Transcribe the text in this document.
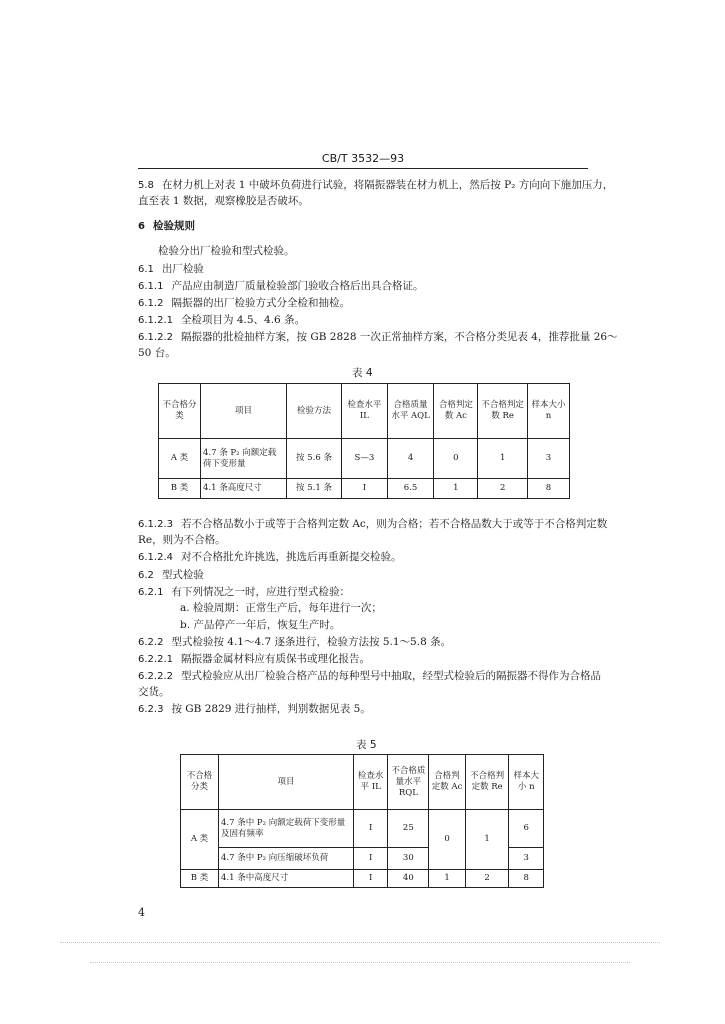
CB/T 3532—93
5.8 在材力机上对表 1 中破坏负荷进行试验，将隔振器装在材力机上，然后按 P₂ 方向向下施加压力，
直至表 1 数据，观察橡胶是否破坏。
6 检验规则
检验分出厂检验和型式检验。
6.1 出厂检验
6.1.1 产品应由制造厂质量检验部门验收合格后出具合格证。
6.1.2 隔振器的出厂检验方式分全检和抽检。
6.1.2.1 全检项目为 4.5、4.6 条。
6.1.2.2 隔振器的批检抽样方案，按 GB 2828 一次正常抽样方案，不合格分类见表 4，推荐批量 26～
50 台。
表 4
不合格分类	项目	检验方法	检查水平 IL	合格质量水平 AQL	合格判定数 Ac	不合格判定数 Re	样本大小 n
A 类	4.7 条 P₂ 向额定载荷下变形量	按 5.6 条	S—3	4	0	1	3
B 类	4.1 条高度尺寸	按 5.1 条	Ⅰ	6.5	1	2	8
6.1.2.3 若不合格品数小于或等于合格判定数 Ac，则为合格；若不合格品数大于或等于不合格判定数
Re，则为不合格。
6.1.2.4 对不合格批允许挑选，挑选后再重新提交检验。
6.2 型式检验
6.2.1 有下列情况之一时，应进行型式检验：
a. 检验周期：正常生产后，每年进行一次；
b. 产品停产一年后，恢复生产时。
6.2.2 型式检验按 4.1～4.7 逐条进行，检验方法按 5.1～5.8 条。
6.2.2.1 隔振器金属材料应有质保书或理化报告。
6.2.2.2 型式检验应从出厂检验合格产品的每种型号中抽取，经型式检验后的隔振器不得作为合格品
交货。
6.2.3 按 GB 2829 进行抽样，判别数据见表 5。
表 5
不合格分类	项目	检查水平 IL	不合格质量水平 RQL	合格判定数 Ac	不合格判定数 Re	样本大小 n
A 类	4.7 条中 P₂ 向额定载荷下变形量及固有频率	Ⅰ	25	0	1	6
	4.7 条中 P₂ 向压缩破坏负荷	Ⅰ	30			3
B 类	4.1 条中高度尺寸	Ⅰ	40	1	2	8
4
